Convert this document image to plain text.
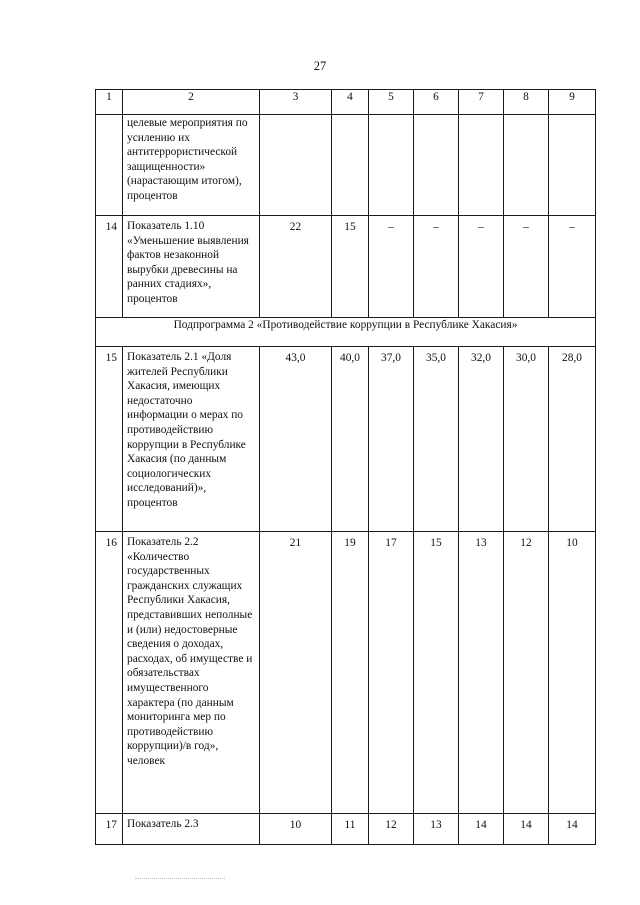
27
1	2	3	4	5	6	7	8	9
	целевые мероприятия по усилению их антитеррористической защищенности» (нарастающим итогом), процентов							
14	Показатель 1.10 «Уменьшение выявления фактов незаконной вырубки древесины на ранних стадиях», процентов	22	15	–	–	–	–	–
Подпрограмма 2 «Противодействие коррупции в Республике Хакасия»								
15	Показатель 2.1 «Доля жителей Республики Хакасия, имеющих недостаточно информации о мерах по противодействию коррупции в Республике Хакасия (по данным социологических исследований)», процентов	43,0	40,0	37,0	35,0	32,0	30,0	28,0
16	Показатель 2.2 «Количество государственных гражданских служащих Республики Хакасия, представивших неполные и (или) недостоверные сведения о доходах, расходах, об имуществе и обязательствах имущественного характера (по данным мониторинга мер по противодействию коррупции)/в год», человек	21	19	17	15	13	12	10
17	Показатель 2.3	10	11	12	13	14	14	14
